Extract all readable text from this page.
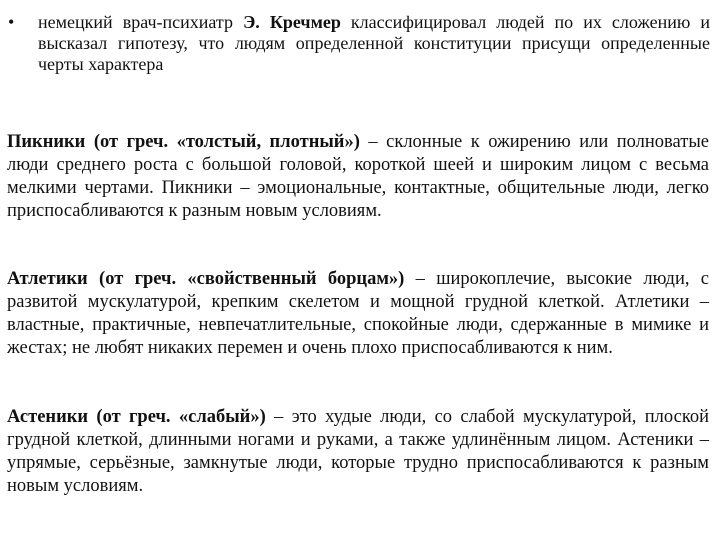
•	немецкий врач-психиатр Э. Кречмер классифицировал людей по их сложению и высказал гипотезу, что людям определенной конституции присущи определенные черты характера
Пикники (от греч. «толстый, плотный») – склонные к ожирению или полноватые люди среднего роста с большой головой, короткой шеей и широким лицом с весьма мелкими чертами. Пикники – эмоциональные, контактные, общительные люди, легко приспосабливаются к разным новым условиям.
Атлетики (от греч. «свойственный борцам») – широкоплечие, высокие люди, с развитой мускулатурой, крепким скелетом и мощной грудной клеткой. Атлетики – властные, практичные, невпечатлительные, спокойные люди, сдержанные в мимике и жестах; не любят никаких перемен и очень плохо приспосабливаются к ним.
Астеники (от греч. «слабый») – это худые люди, со слабой мускулатурой, плоской грудной клеткой, длинными ногами и руками, а также удлинённым лицом. Астеники –упрямые, серьёзные, замкнутые люди, которые трудно приспосабливаются к разным новым условиям.
